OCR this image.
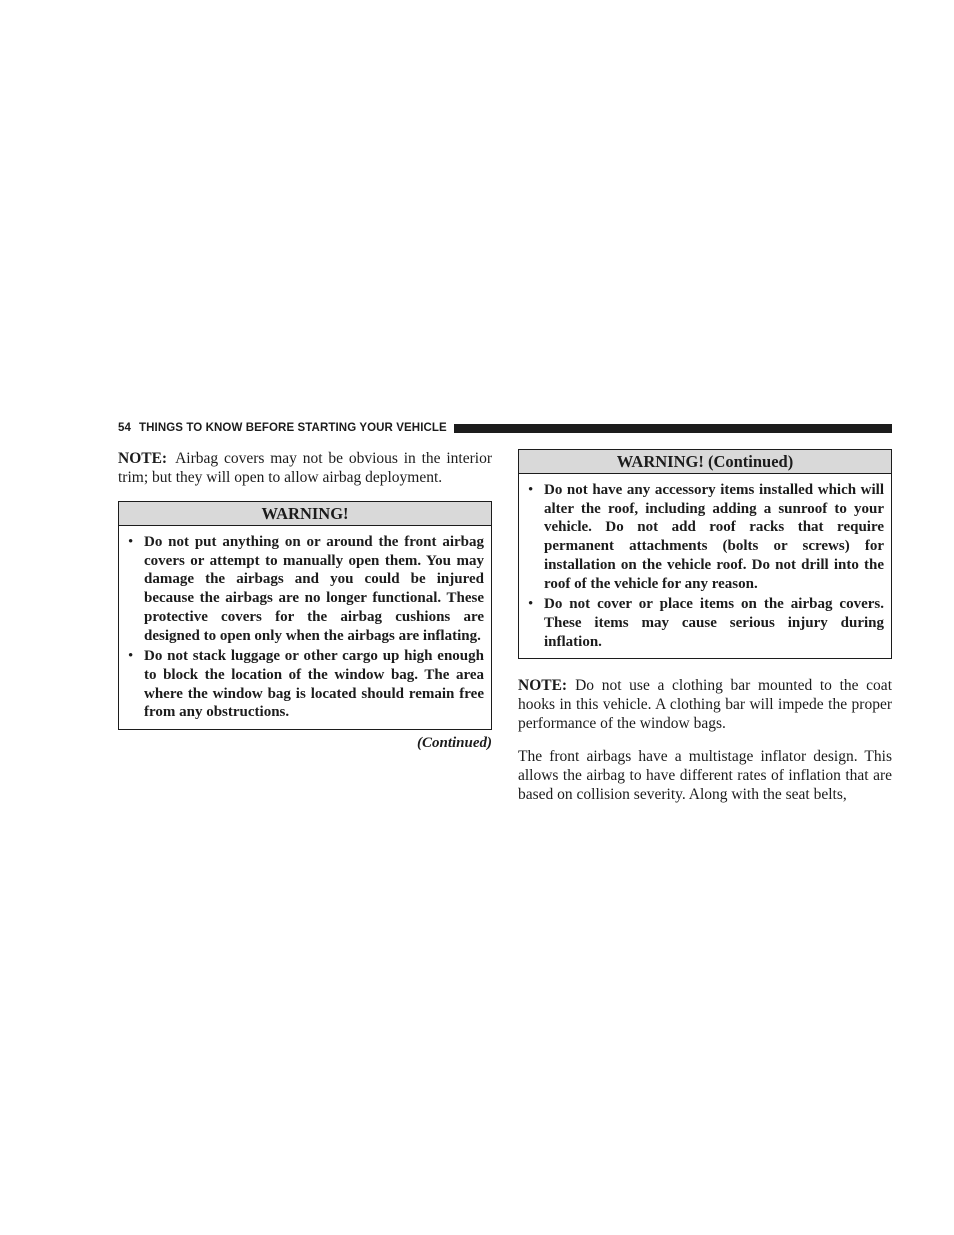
54 THINGS TO KNOW BEFORE STARTING YOUR VEHICLE

NOTE: Airbag covers may not be obvious in the interior trim; but they will open to allow airbag deployment.

WARNING!
• Do not put anything on or around the front airbag covers or attempt to manually open them. You may damage the airbags and you could be injured because the airbags are no longer functional. These protective covers for the airbag cushions are designed to open only when the airbags are inflating.
• Do not stack luggage or other cargo up high enough to block the location of the window bag. The area where the window bag is located should remain free from any obstructions.
(Continued)
WARNING! (Continued)
• Do not have any accessory items installed which will alter the roof, including adding a sunroof to your vehicle. Do not add roof racks that require permanent attachments (bolts or screws) for installation on the vehicle roof. Do not drill into the roof of the vehicle for any reason.
• Do not cover or place items on the airbag covers. These items may cause serious injury during inflation.

NOTE: Do not use a clothing bar mounted to the coat hooks in this vehicle. A clothing bar will impede the proper performance of the window bags.

The front airbags have a multistage inflator design. This allows the airbag to have different rates of inflation that are based on collision severity. Along with the seat belts,
